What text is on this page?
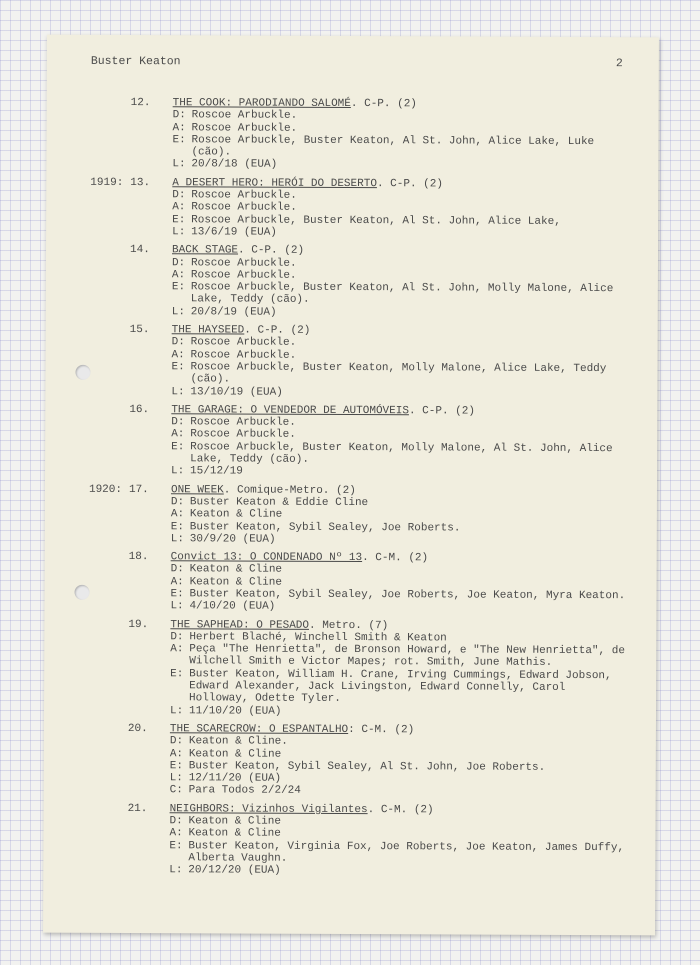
Buster Keaton	2
12.	THE COOK: PARODIANDO SALOMÉ. C-P. (2)
D: Roscoe Arbuckle.
A: Roscoe Arbuckle.
E: Roscoe Arbuckle, Buster Keaton, Al St. John, Alice Lake, Luke (cão).
L: 20/8/18 (EUA)
1919: 13.	A DESERT HERO: HERÓI DO DESERTO. C-P. (2)
D: Roscoe Arbuckle.
A: Roscoe Arbuckle.
E: Roscoe Arbuckle, Buster Keaton, Al St. John, Alice Lake,
L: 13/6/19 (EUA)
14.	BACK STAGE. C-P. (2)
D: Roscoe Arbuckle.
A: Roscoe Arbuckle.
E: Roscoe Arbuckle, Buster Keaton, Al St. John, Molly Malone, Alice Lake, Teddy (cão).
L: 20/8/19 (EUA)
15.	THE HAYSEED. C-P. (2)
D: Roscoe Arbuckle.
A: Roscoe Arbuckle.
E: Roscoe Arbuckle, Buster Keaton, Molly Malone, Alice Lake, Teddy (cão).
L: 13/10/19 (EUA)
16.	THE GARAGE: O VENDEDOR DE AUTOMÓVEIS. C-P. (2)
D: Roscoe Arbuckle.
A: Roscoe Arbuckle.
E: Roscoe Arbuckle, Buster Keaton, Molly Malone, Al St. John, Alice Lake, Teddy (cão).
L: 15/12/19
1920: 17.	ONE WEEK. Comique-Metro. (2)
D: Buster Keaton & Eddie Cline
A: Keaton & Cline
E: Buster Keaton, Sybil Sealey, Joe Roberts.
L: 30/9/20 (EUA)
18.	Convict 13: O CONDENADO Nº 13. C-M. (2)
D: Keaton & Cline
A: Keaton & Cline
E: Buster Keaton, Sybil Sealey, Joe Roberts, Joe Keaton, Myra Keaton.
L: 4/10/20 (EUA)
19.	THE SAPHEAD: O PESADO. Metro. (7)
D: Herbert Blaché, Winchell Smith & Keaton
A: Peça "The Henrietta", de Bronson Howard, e "The New Henrietta", de Wilchell Smith e Victor Mapes; rot. Smith, June Mathis.
E: Buster Keaton, William H. Crane, Irving Cummings, Edward Jobson, Edward Alexander, Jack Livingston, Edward Connelly, Carol Holloway, Odette Tyler.
L: 11/10/20 (EUA)
20.	THE SCARECROW: O ESPANTALHO: C-M. (2)
D: Keaton & Cline.
A: Keaton & Cline
E: Buster Keaton, Sybil Sealey, Al St. John, Joe Roberts.
L: 12/11/20 (EUA)
C: Para Todos 2/2/24
21.	NEIGHBORS: Vizinhos Vigilantes. C-M. (2)
D: Keaton & Cline
A: Keaton & Cline
E: Buster Keaton, Virginia Fox, Joe Roberts, Joe Keaton, James Duffy, Alberta Vaughn.
L: 20/12/20 (EUA)
